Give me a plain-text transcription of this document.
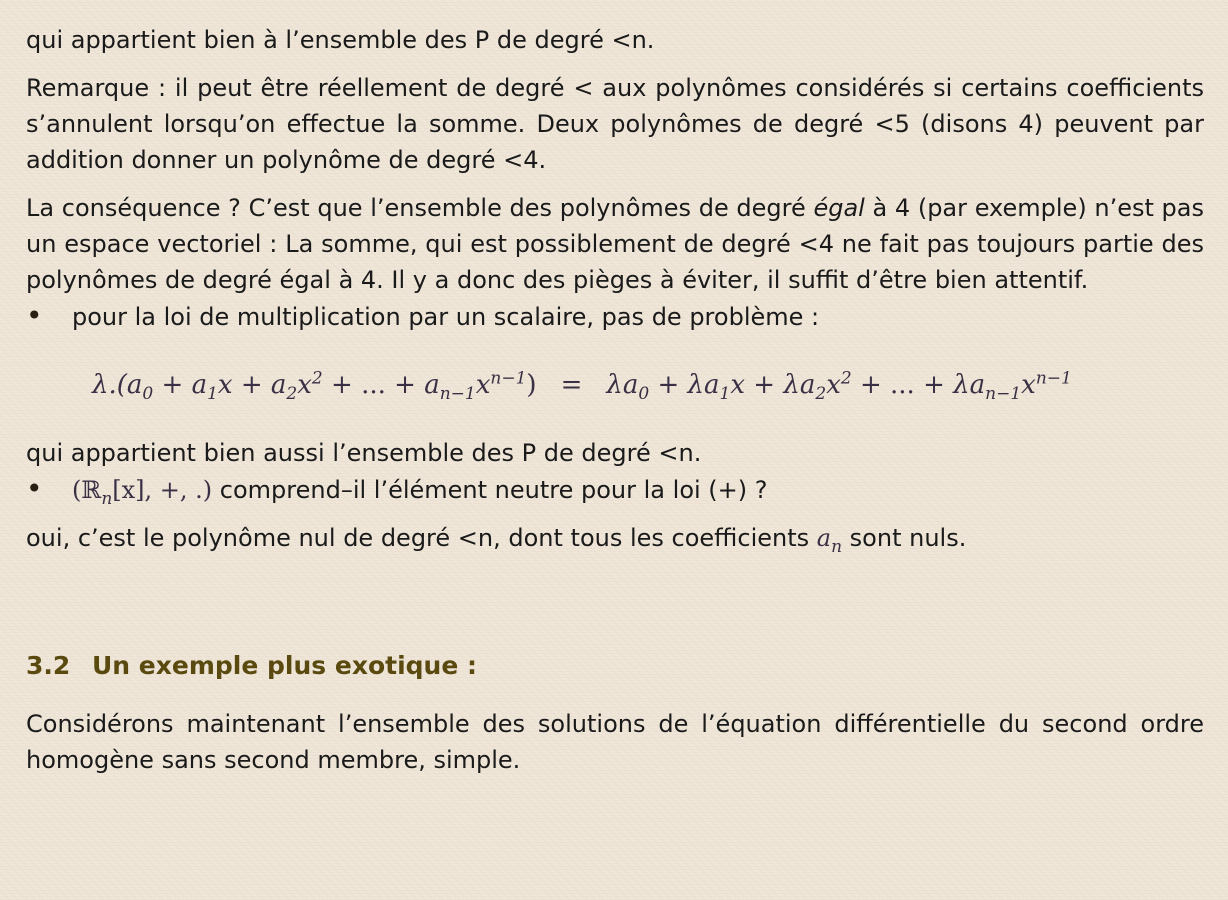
qui appartient bien à l’ensemble des P de degré <n.

Remarque : il peut être réellement de degré < aux polynômes considérés si certains coefficients s’annulent lorsqu’on effectue la somme. Deux polynômes de degré <5 (disons 4) peuvent par addition donner un polynôme de degré <4.

La conséquence ? C’est que l’ensemble des polynômes de degré égal à 4 (par exemple) n’est pas un espace vectoriel : La somme, qui est possiblement de degré <4 ne fait pas toujours partie des polynômes de degré égal à 4. Il y a donc des pièges à éviter, il suffit d’être bien attentif.

•	pour la loi de multiplication par un scalaire, pas de problème :
$\lambda.(a_0 + a_1x + a_2x^2$ + ... + $a_{n-1}x^{n-1}) = \lambda a_0 + \lambda a_1x + \lambda a_2x^2$ + ... + $\lambda a_{n-1}x^{n-1}$

qui appartient bien aussi l’ensemble des P de degré <n.

•	(ℝ$_n$[x], +, .) comprend–il l’élément neutre pour la loi (+) ?

oui, c’est le polynôme nul de degré <n, dont tous les coefficients $a_n$ sont nuls.

3.2 Un exemple plus exotique :

Considérons maintenant l’ensemble des solutions de l’équation différentielle du second ordre homogène sans second membre, simple.
